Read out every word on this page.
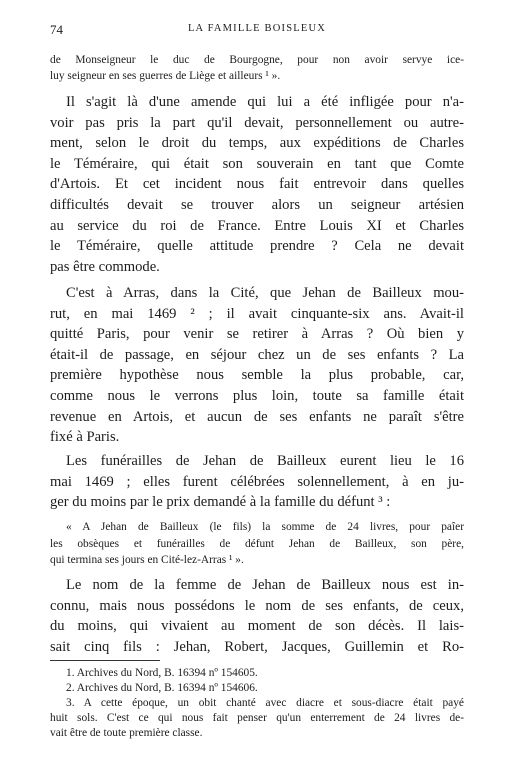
74	LA FAMILLE BOISLEUX
de Monseigneur le duc de Bourgogne, pour non avoir servye ice-
luy seigneur en ses guerres de Liège et ailleurs ¹ ».
Il s'agit là d'une amende qui lui a été infligée pour n'a-
voir pas pris la part qu'il devait, personnellement ou autre-
ment, selon le droit du temps, aux expéditions de Charles
le Téméraire, qui était son souverain en tant que Comte
d'Artois. Et cet incident nous fait entrevoir dans quelles
difficultés devait se trouver alors un seigneur artésien
au service du roi de France. Entre Louis XI et Charles
le Téméraire, quelle attitude prendre ? Cela ne devait
pas être commode.
C'est à Arras, dans la Cité, que Jehan de Bailleux mou-
rut, en mai 1469 ² ; il avait cinquante-six ans. Avait-il
quitté Paris, pour venir se retirer à Arras ? Où bien y
était-il de passage, en séjour chez un de ses enfants ? La
première hypothèse nous semble la plus probable, car,
comme nous le verrons plus loin, toute sa famille était
revenue en Artois, et aucun de ses enfants ne paraît s'être
fixé à Paris.
Les funérailles de Jehan de Bailleux eurent lieu le 16
mai 1469 ; elles furent célébrées solennellement, à en ju-
ger du moins par le prix demandé à la famille du défunt ³ :
« A Jehan de Bailleux (le fils) la somme de 24 livres, pour paîer
les obsèques et funérailles de défunt Jehan de Bailleux, son père,
qui termina ses jours en Cité-lez-Arras ¹ ».
Le nom de la femme de Jehan de Bailleux nous est in-
connu, mais nous possédons le nom de ses enfants, de ceux,
du moins, qui vivaient au moment de son décès. Il lais-
sait cinq fils : Jehan, Robert, Jacques, Guillemin et Ro-
1. Archives du Nord, B. 16394 nº 154605.
2. Archives du Nord, B. 16394 nº 154606.
3. A cette époque, un obit chanté avec diacre et sous-diacre était payé
huit sols. C'est ce qui nous fait penser qu'un enterrement de 24 livres de-
vait être de toute première classe.
